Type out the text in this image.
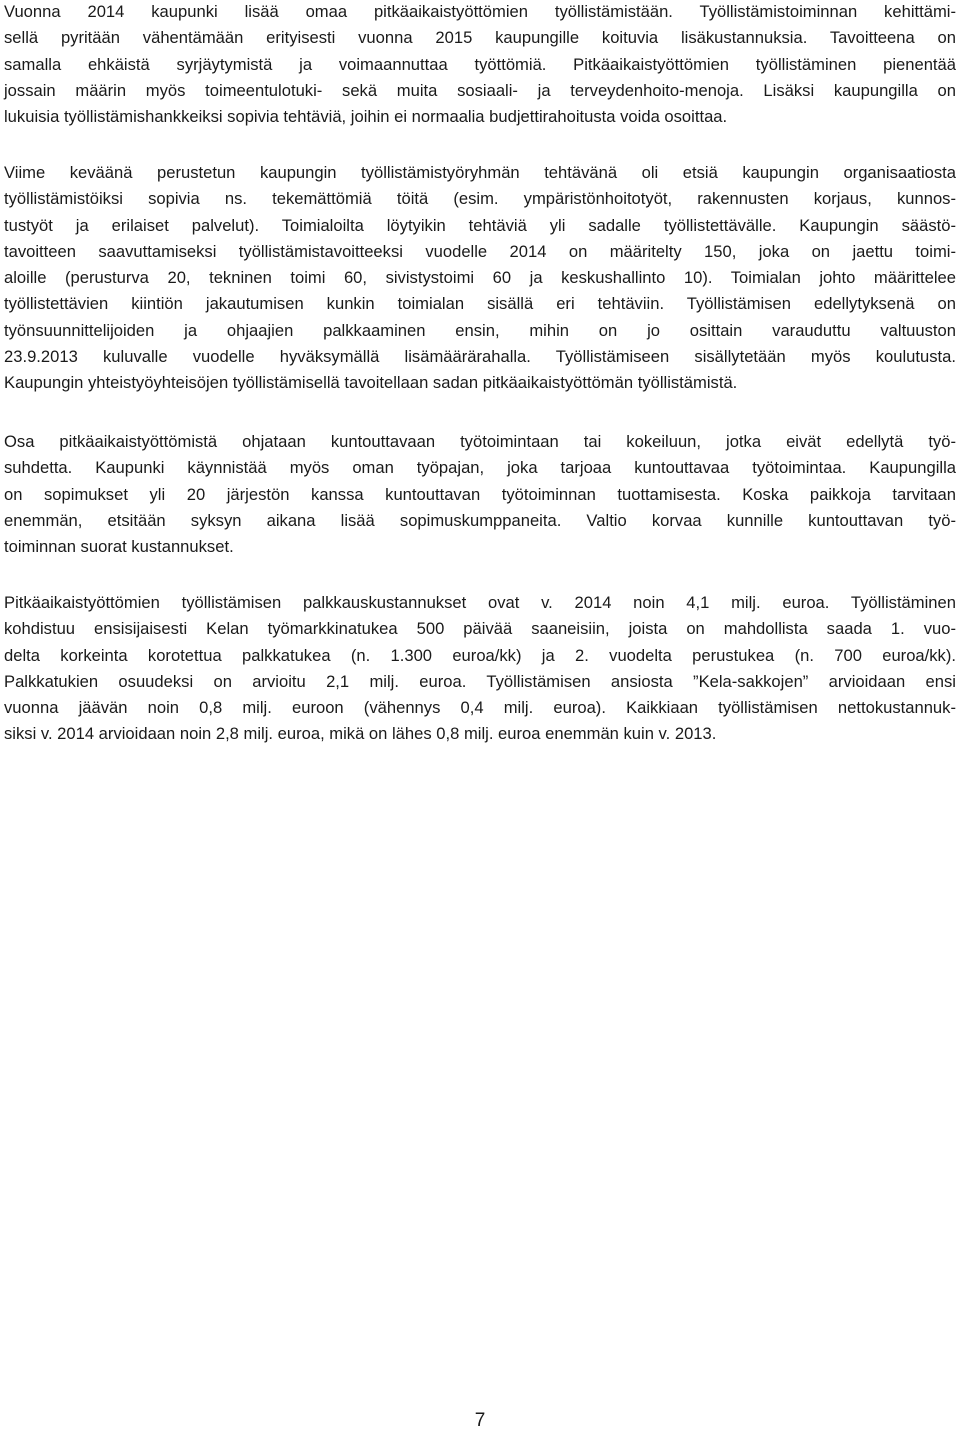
Vuonna 2014 kaupunki lisää omaa pitkäaikaistyöttömien työllistämistään. Työllistämistoiminnan kehittämi-
sellä pyritään vähentämään erityisesti vuonna 2015 kaupungille koituvia lisäkustannuksia. Tavoitteena on
samalla ehkäistä syrjäytymistä ja voimaannuttaa työttömiä. Pitkäaikaistyöttömien työllistäminen pienentää
jossain määrin myös toimeentulotuki- sekä muita sosiaali- ja terveydenhoito-menoja. Lisäksi kaupungilla on
lukuisia työllistämishankkeiksi sopivia tehtäviä, joihin ei normaalia budjettirahoitusta voida osoittaa.
Viime keväänä perustetun kaupungin työllistämistyöryhmän tehtävänä oli etsiä kaupungin organisaatiosta
työllistämistöiksi sopivia ns. tekemättömiä töitä (esim. ympäristönhoitotyöt, rakennusten korjaus, kunnos-
tustyöt ja erilaiset palvelut). Toimialoilta löytyikin tehtäviä yli sadalle työllistettävälle. Kaupungin säästö-
tavoitteen saavuttamiseksi työllistämistavoitteeksi vuodelle 2014 on määritelty 150, joka on jaettu toimi-
aloille (perusturva 20, tekninen toimi 60, sivistystoimi 60 ja keskushallinto 10). Toimialan johto määrittelee
työllistettävien kiintiön jakautumisen kunkin toimialan sisällä eri tehtäviin. Työllistämisen edellytyksenä on
työnsuunnittelijoiden ja ohjaajien palkkaaminen ensin, mihin on jo osittain varauduttu valtuuston
23.9.2013 kuluvalle vuodelle hyväksymällä lisämäärärahalla. Työllistämiseen sisällytetään myös koulutusta.
Kaupungin yhteistyöyhteisöjen työllistämisellä tavoitellaan sadan pitkäaikaistyöttömän työllistämistä.
Osa pitkäaikaistyöttömistä ohjataan kuntouttavaan työtoimintaan tai kokeiluun, jotka eivät edellytä työ-
suhdetta. Kaupunki käynnistää myös oman työpajan, joka tarjoaa kuntouttavaa työtoimintaa. Kaupungilla
on sopimukset yli 20 järjestön kanssa kuntouttavan työtoiminnan tuottamisesta. Koska paikkoja tarvitaan
enemmän, etsitään syksyn aikana lisää sopimuskumppaneita. Valtio korvaa kunnille kuntouttavan työ-
toiminnan suorat kustannukset.
Pitkäaikaistyöttömien työllistämisen palkkauskustannukset ovat v. 2014 noin 4,1 milj. euroa. Työllistäminen
kohdistuu ensisijaisesti Kelan työmarkkinatukea 500 päivää saaneisiin, joista on mahdollista saada 1. vuo-
delta korkeinta korotettua palkkatukea (n. 1.300 euroa/kk) ja 2. vuodelta perustukea (n. 700 euroa/kk).
Palkkatukien osuudeksi on arvioitu 2,1 milj. euroa. Työllistämisen ansiosta ”Kela-sakkojen” arvioidaan ensi
vuonna jäävän noin 0,8 milj. euroon (vähennys 0,4 milj. euroa). Kaikkiaan työllistämisen nettokustannuk-
siksi v. 2014 arvioidaan noin 2,8 milj. euroa, mikä on lähes 0,8 milj. euroa enemmän kuin v. 2013.

7
